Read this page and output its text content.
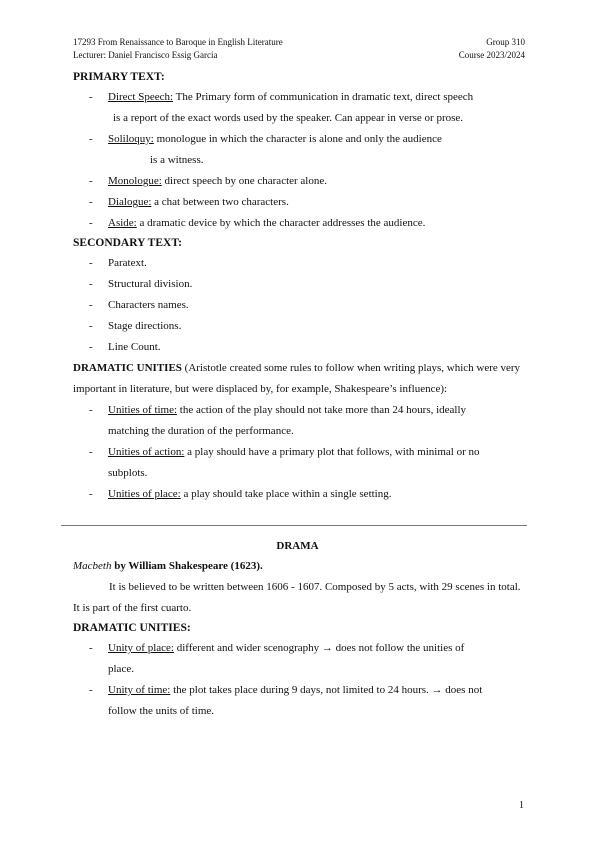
17293 From Renaissance to Baroque in English Literature	Group 310
Lecturer: Daniel Francisco Essig García	Course 2023/2024
PRIMARY TEXT:
- Direct Speech: The Primary form of communication in dramatic text, direct speech
is a report of the exact words used by the speaker. Can appear in verse or prose.
- Soliloquy: monologue in which the character is alone and only the audience
is a witness.
- Monologue: direct speech by one character alone.
- Dialogue: a chat between two characters.
- Aside: a dramatic device by which the character addresses the audience.
SECONDARY TEXT:
- Paratext.
- Structural division.
- Characters names.
- Stage directions.
- Line Count.
DRAMATIC UNITIES (Aristotle created some rules to follow when writing plays, which were very important in literature, but were displaced by, for example, Shakespeare’s influence):
- Unities of time: the action of the play should not take more than 24 hours, ideally
matching the duration of the performance.
- Unities of action: a play should have a primary plot that follows, with minimal or no
subplots.
- Unities of place: a play should take place within a single setting.
DRAMA
Macbeth by William Shakespeare (1623).
It is believed to be written between 1606 - 1607. Composed by 5 acts, with 29 scenes in total. It is part of the first cuarto.
DRAMATIC UNITIES:
- Unity of place: different and wider scenography → does not follow the unities of
place.
- Unity of time: the plot takes place during 9 days, not limited to 24 hours. → does not
follow the units of time.
1
